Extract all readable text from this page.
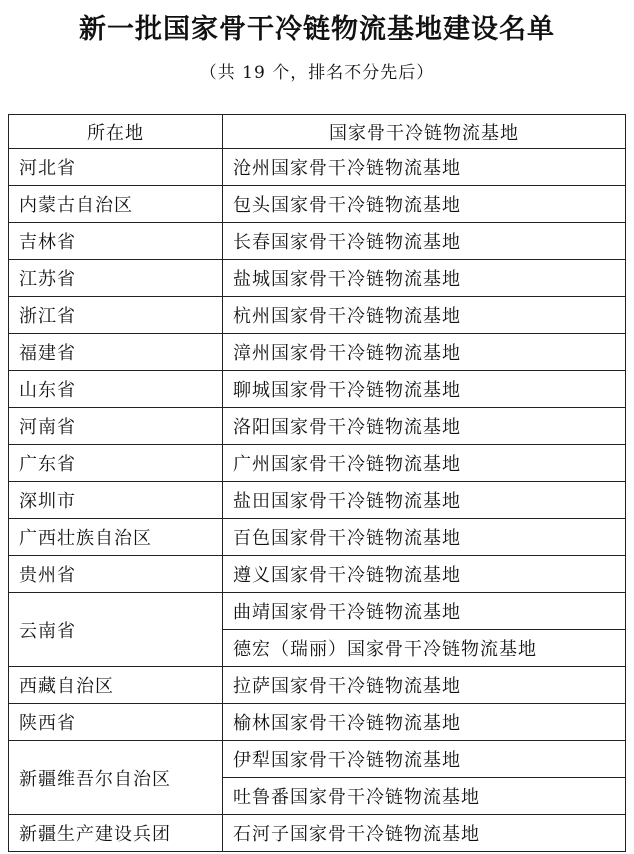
新一批国家骨干冷链物流基地建设名单
（共 19 个，排名不分先后）
所在地	国家骨干冷链物流基地
河北省	沧州国家骨干冷链物流基地
内蒙古自治区	包头国家骨干冷链物流基地
吉林省	长春国家骨干冷链物流基地
江苏省	盐城国家骨干冷链物流基地
浙江省	杭州国家骨干冷链物流基地
福建省	漳州国家骨干冷链物流基地
山东省	聊城国家骨干冷链物流基地
河南省	洛阳国家骨干冷链物流基地
广东省	广州国家骨干冷链物流基地
深圳市	盐田国家骨干冷链物流基地
广西壮族自治区	百色国家骨干冷链物流基地
贵州省	遵义国家骨干冷链物流基地
云南省	曲靖国家骨干冷链物流基地
	德宏（瑞丽）国家骨干冷链物流基地
西藏自治区	拉萨国家骨干冷链物流基地
陕西省	榆林国家骨干冷链物流基地
新疆维吾尔自治区	伊犁国家骨干冷链物流基地
	吐鲁番国家骨干冷链物流基地
新疆生产建设兵团	石河子国家骨干冷链物流基地
